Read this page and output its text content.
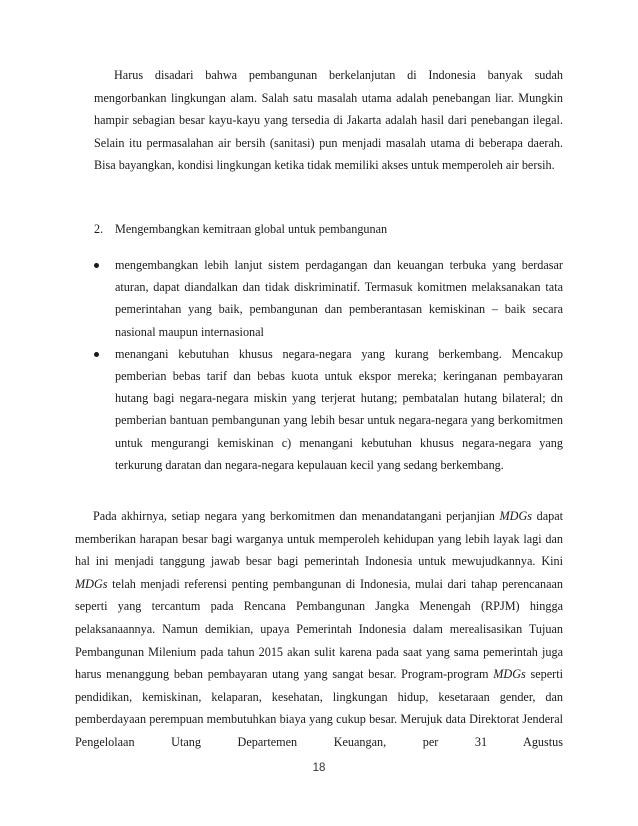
Harus disadari bahwa pembangunan berkelanjutan di Indonesia banyak sudah mengorbankan lingkungan alam. Salah satu masalah utama adalah penebangan liar. Mungkin hampir sebagian besar kayu-kayu yang tersedia di Jakarta adalah hasil dari penebangan ilegal. Selain itu permasalahan air bersih (sanitasi) pun menjadi masalah utama di beberapa daerah. Bisa bayangkan, kondisi lingkungan ketika tidak memiliki akses untuk memperoleh air bersih.

2. Mengembangkan kemitraan global untuk pembangunan

mengembangkan lebih lanjut sistem perdagangan dan keuangan terbuka yang berdasar aturan, dapat diandalkan dan tidak diskriminatif. Termasuk komitmen melaksanakan tata pemerintahan yang baik, pembangunan dan pemberantasan kemiskinan – baik secara nasional maupun internasional
menangani kebutuhan khusus negara-negara yang kurang berkembang. Mencakup pemberian bebas tarif dan bebas kuota untuk ekspor mereka; keringanan pembayaran hutang bagi negara-negara miskin yang terjerat hutang; pembatalan hutang bilateral; dn pemberian bantuan pembangunan yang lebih besar untuk negara-negara yang berkomitmen untuk mengurangi kemiskinan c) menangani kebutuhan khusus negara-negara yang terkurung daratan dan negara-negara kepulauan kecil yang sedang berkembang.

Pada akhirnya, setiap negara yang berkomitmen dan menandatangani perjanjian MDGs dapat memberikan harapan besar bagi warganya untuk memperoleh kehidupan yang lebih layak lagi dan hal ini menjadi tanggung jawab besar bagi pemerintah Indonesia untuk mewujudkannya. Kini MDGs telah menjadi referensi penting pembangunan di Indonesia, mulai dari tahap perencanaan seperti yang tercantum pada Rencana Pembangunan Jangka Menengah (RPJM) hingga pelaksanaannya. Namun demikian, upaya Pemerintah Indonesia dalam merealisasikan Tujuan Pembangunan Milenium pada tahun 2015 akan sulit karena pada saat yang sama pemerintah juga harus menanggung beban pembayaran utang yang sangat besar. Program-program MDGs seperti pendidikan, kemiskinan, kelaparan, kesehatan, lingkungan hidup, kesetaraan gender, dan pemberdayaan perempuan membutuhkan biaya yang cukup besar. Merujuk data Direktorat Jenderal Pengelolaan Utang Departemen Keuangan, per 31 Agustus

18
